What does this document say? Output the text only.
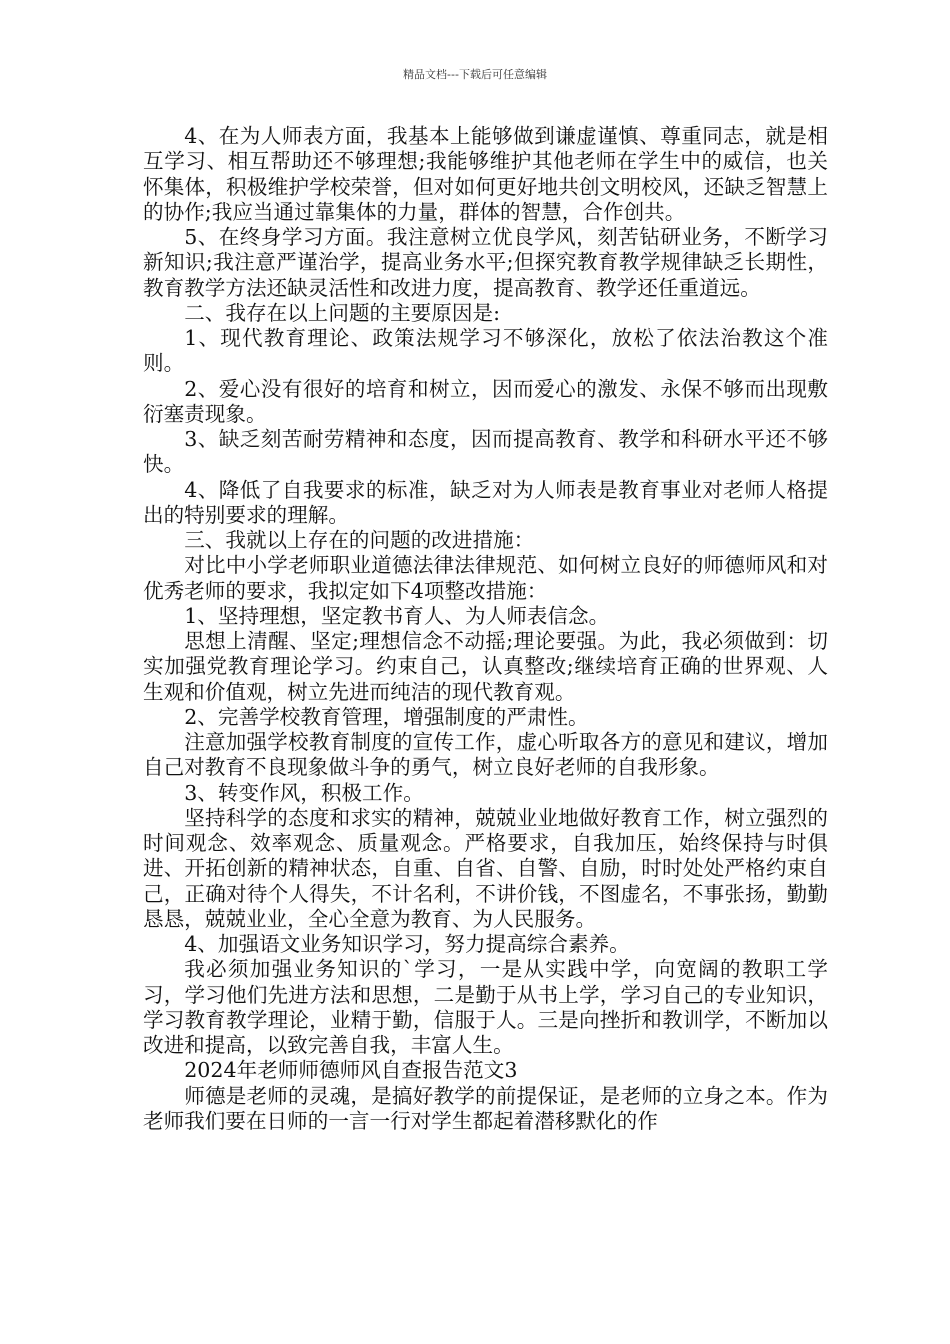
精品文档---下载后可任意编辑

4、在为人师表方面，我基本上能够做到谦虚谨慎、尊重同志，就是相互学习、相互帮助还不够理想;我能够维护其他老师在学生中的威信，也关怀集体，积极维护学校荣誉，但对如何更好地共创文明校风，还缺乏智慧上的协作;我应当通过靠集体的力量，群体的智慧，合作创共。

5、在终身学习方面。我注意树立优良学风，刻苦钻研业务，不断学习新知识;我注意严谨治学，提高业务水平;但探究教育教学规律缺乏长期性，教育教学方法还缺灵活性和改进力度，提高教育、教学还任重道远。

二、我存在以上问题的主要原因是:

1、现代教育理论、政策法规学习不够深化，放松了依法治教这个准则。

2、爱心没有很好的培育和树立，因而爱心的激发、永保不够而出现敷衍塞责现象。

3、缺乏刻苦耐劳精神和态度，因而提高教育、教学和科研水平还不够快。

4、降低了自我要求的标准，缺乏对为人师表是教育事业对老师人格提出的特别要求的理解。

三、我就以上存在的问题的改进措施：

对比中小学老师职业道德法律法律规范、如何树立良好的师德师风和对优秀老师的要求，我拟定如下4项整改措施：

1、坚持理想，坚定教书育人、为人师表信念。

思想上清醒、坚定;理想信念不动摇;理论要强。为此，我必须做到：切实加强党教育理论学习。约束自己，认真整改;继续培育正确的世界观、人生观和价值观，树立先进而纯洁的现代教育观。

2、完善学校教育管理，增强制度的严肃性。

注意加强学校教育制度的宣传工作，虚心听取各方的意见和建议，增加自己对教育不良现象做斗争的勇气，树立良好老师的自我形象。

3、转变作风，积极工作。

坚持科学的态度和求实的精神，兢兢业业地做好教育工作，树立强烈的时间观念、效率观念、质量观念。严格要求，自我加压，始终保持与时俱进、开拓创新的精神状态，自重、自省、自警、自励，时时处处严格约束自己，正确对待个人得失，不计名利，不讲价钱，不图虚名，不事张扬，勤勤恳恳，兢兢业业，全心全意为教育、为人民服务。

4、加强语文业务知识学习，努力提高综合素养。

我必须加强业务知识的`学习，一是从实践中学，向宽阔的教职工学习，学习他们先进方法和思想，二是勤于从书上学，学习自己的专业知识，学习教育教学理论，业精于勤，信服于人。三是向挫折和教训学，不断加以改进和提高，以致完善自我，丰富人生。

2024年老师师德师风自查报告范文3

师德是老师的灵魂，是搞好教学的前提保证，是老师的立身之本。作为老师我们要在日师的一言一行对学生都起着潜移默化的作
